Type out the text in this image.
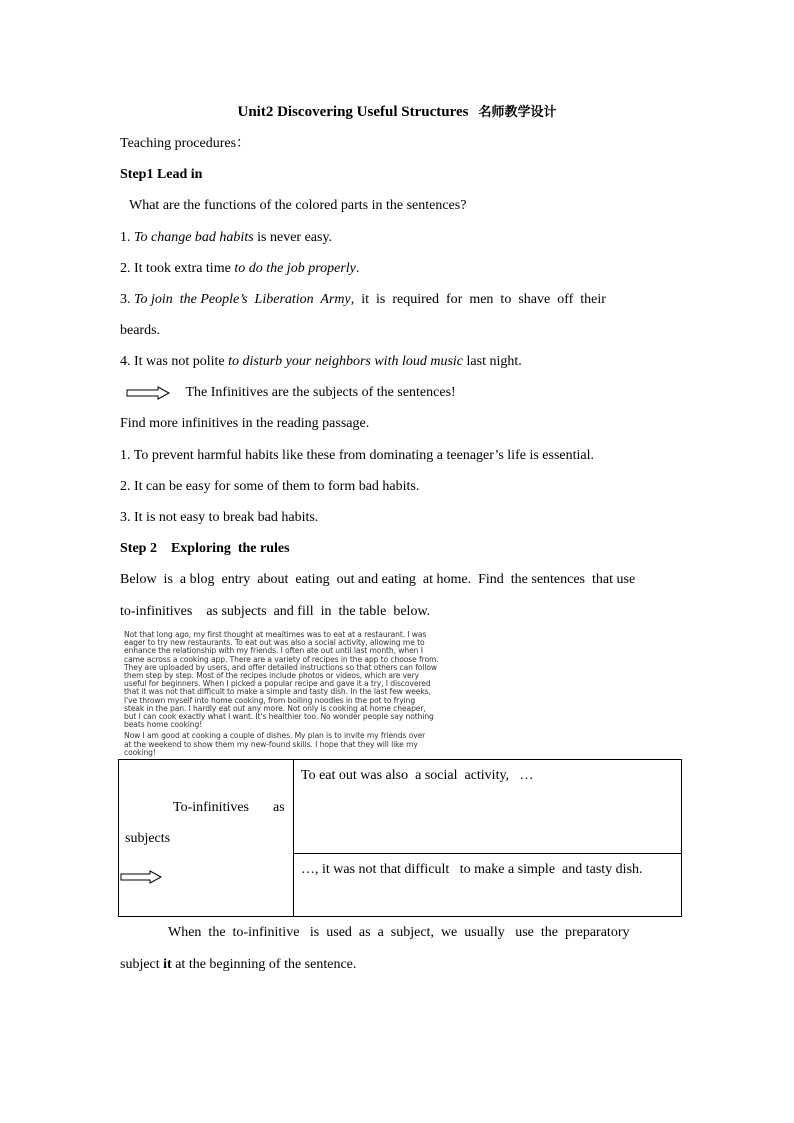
Unit2 Discovering Useful Structures 名师教学设计
Teaching procedures：
Step1 Lead in
What are the functions of the colored parts in the sentences?
1. To change bad habits is never easy.
2. It took extra time to do the job properly.
3. To join  the People’s  Liberation  Army,  it  is  required  for  men  to  shave  off  their
beards.
4. It was not polite to disturb your neighbors with loud music last night.
The Infinitives are the subjects of the sentences!
Find more infinitives in the reading passage.
1. To prevent harmful habits like these from dominating a teenager’s life is essential.
2. It can be easy for some of them to form bad habits.
3. It is not easy to break bad habits.
Step 2    Exploring  the rules
Below  is  a blog  entry  about  eating  out and eating  at home.  Find  the sentences  that use
to-infinitives    as subjects  and fill  in  the table  below.

Not that long ago, my first thought at mealtimes was to eat at a restaurant. I was

eager to try new restaurants. To eat out was also a social activity, allowing me to

enhance the relationship with my friends. I often ate out until last month, when I

came across a cooking app. There are a variety of recipes in the app to choose from.

They are uploaded by users, and offer detailed instructions so that others can follow

them step by step. Most of the recipes include photos or videos, which are very

useful for beginners. When I picked a popular recipe and gave it a try, I discovered

that it was not that difficult to make a simple and tasty dish. In the last few weeks,

I've thrown myself into home cooking, from boiling noodles in the pot to frying

steak in the pan. I hardly eat out any more. Not only is cooking at home cheaper,

but I can cook exactly what I want. It's healthier too. No wonder people say nothing

beats home cooking!

Now I am good at cooking a couple of dishes. My plan is to invite my friends over

at the weekend to show them my new-found skills. I hope that they will like my

cooking!

To-infinitives as
subjects
	To eat out was also  a social  activity,   …
…, it was not that difficult   to make a simple  and tasty dish.
When  the  to-infinitive   is  used  as  a  subject,  we  usually   use  the  preparatory
subject it at the beginning of the sentence.
